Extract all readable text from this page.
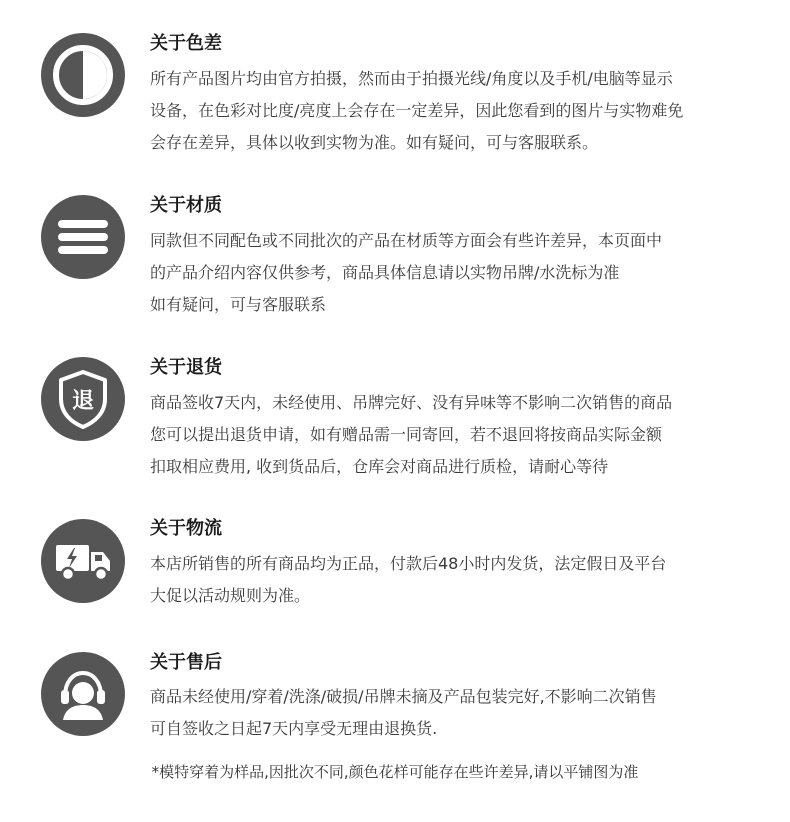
关于色差
所有产品图片均由官方拍摄，然而由于拍摄光线/角度以及手机/电脑等显示
设备，在色彩对比度/亮度上会存在一定差异，因此您看到的图片与实物难免
会存在差异，具体以收到实物为准。如有疑问，可与客服联系。
关于材质
同款但不同配色或不同批次的产品在材质等方面会有些许差异，本页面中
的产品介绍内容仅供参考，商品具体信息请以实物吊牌/水洗标为准
如有疑问，可与客服联系
退
关于退货
商品签收7天内，未经使用、吊牌完好、没有异味等不影响二次销售的商品
您可以提出退货申请，如有赠品需一同寄回，若不退回将按商品实际金额
扣取相应费用, 收到货品后，仓库会对商品进行质检，请耐心等待
关于物流
本店所销售的所有商品均为正品，付款后48小时内发货，法定假日及平台
大促以活动规则为准。
关于售后
商品未经使用/穿着/洗涤/破损/吊牌未摘及产品包装完好,不影响二次销售
可自签收之日起7天内享受无理由退换货.
*模特穿着为样品,因批次不同,颜色花样可能存在些许差异,请以平铺图为准
